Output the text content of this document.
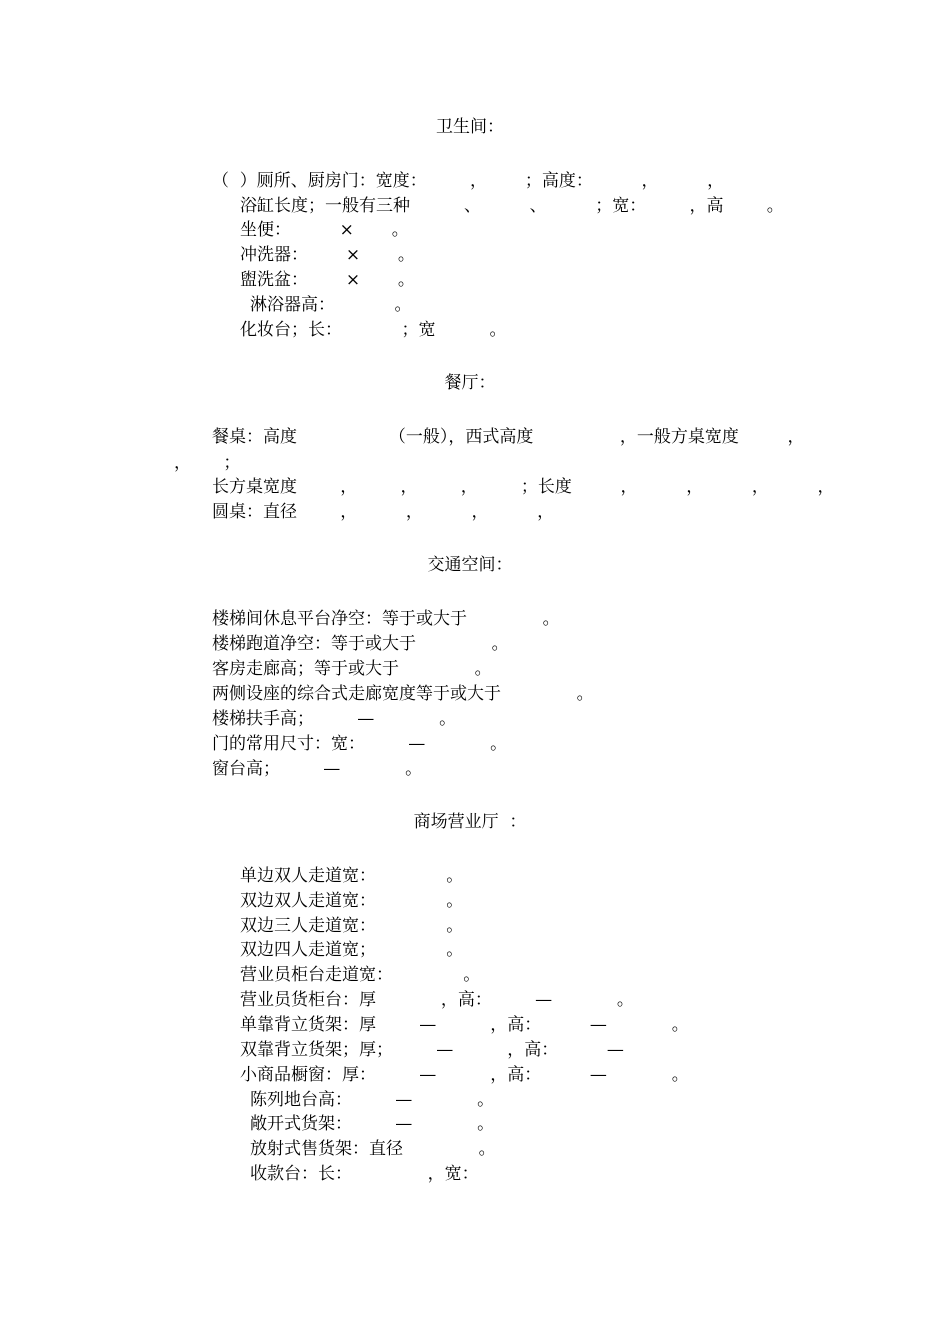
卫生间：
（  ）厕所、厨房门：宽度：        ，       ；高度：         ，         ，
浴缸长度；一般有三种          、         、         ；宽：        ，高        。
坐便：         ×       。
冲洗器：       ×       。
盥洗盆：       ×       。
淋浴器高：           。
化妆台；长：           ；宽          。
餐厅：
餐桌：高度                 （一般），西式高度                ，一般方桌宽度         ，
，      ；
长方桌宽度        ，        ，        ，        ；长度         ，         ，         ，         ，
圆桌：直径        ，         ，         ，         ，
交通空间：
楼梯间休息平台净空：等于或大于              。
楼梯跑道净空：等于或大于              。
客房走廊高；等于或大于              。
两侧设座的综合式走廊宽度等于或大于              。
楼梯扶手高；        —            。
门的常用尺寸：宽：        —            。
窗台高；        —            。
商场营业厅  ：
单边双人走道宽：             。
双边双人走道宽：             。
双边三人走道宽：             。
双边四人走道宽；             。
营业员柜台走道宽：             。
营业员货柜台：厚            ，高：        —            。
单靠背立货架：厚        —          ，高：         —            。
双靠背立货架；厚；        —          ，高：         —
小商品橱窗：厚：        —          ，高：         —            。
陈列地台高：        —            。
敞开式货架：        —            。
放射式售货架：直径              。
收款台：长：              ，宽：
